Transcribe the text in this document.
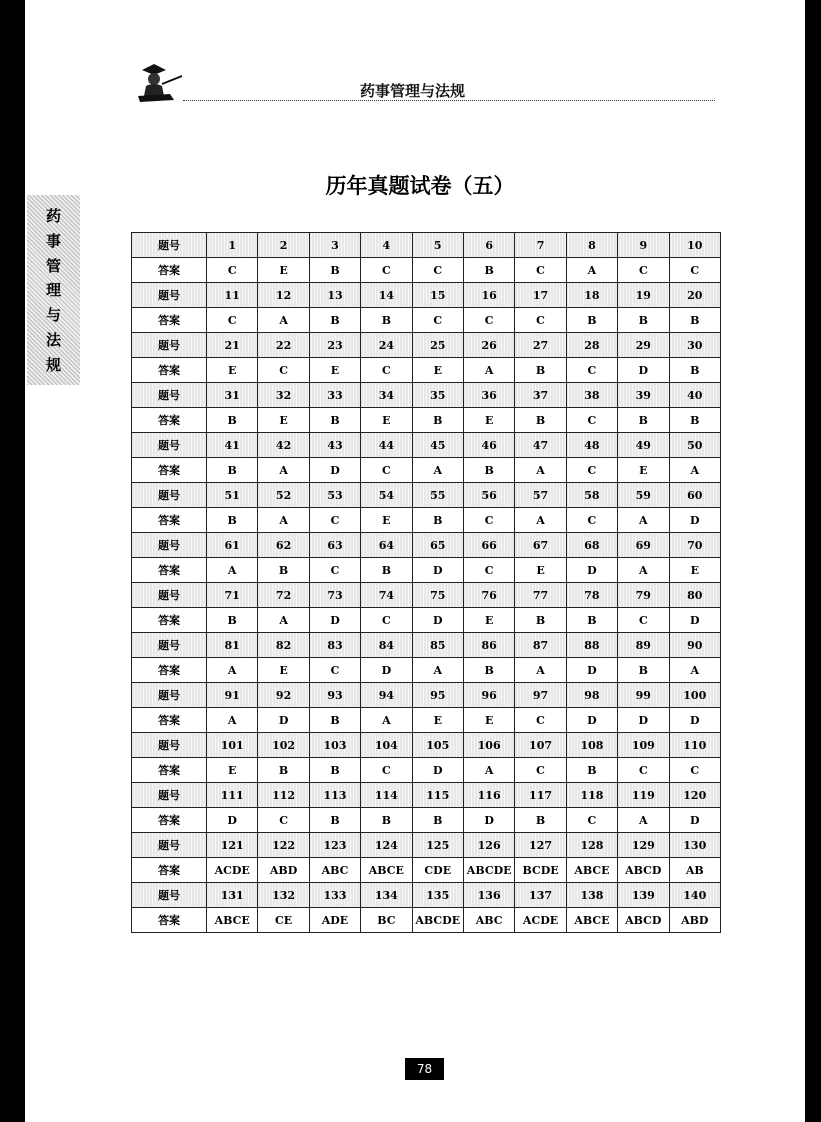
药事管理与法规
药
事
管
理
与
法
规
历年真题试卷（五）
题号	1	2	3	4	5	6	7	8	9	10
答案	C	E	B	C	C	B	C	A	C	C
题号	11	12	13	14	15	16	17	18	19	20
答案	C	A	B	B	C	C	C	B	B	B
题号	21	22	23	24	25	26	27	28	29	30
答案	E	C	E	C	E	A	B	C	D	B
题号	31	32	33	34	35	36	37	38	39	40
答案	B	E	B	E	B	E	B	C	B	B
题号	41	42	43	44	45	46	47	48	49	50
答案	B	A	D	C	A	B	A	C	E	A
题号	51	52	53	54	55	56	57	58	59	60
答案	B	A	C	E	B	C	A	C	A	D
题号	61	62	63	64	65	66	67	68	69	70
答案	A	B	C	B	D	C	E	D	A	E
题号	71	72	73	74	75	76	77	78	79	80
答案	B	A	D	C	D	E	B	B	C	D
题号	81	82	83	84	85	86	87	88	89	90
答案	A	E	C	D	A	B	A	D	B	A
题号	91	92	93	94	95	96	97	98	99	100
答案	A	D	B	A	E	E	C	D	D	D
题号	101	102	103	104	105	106	107	108	109	110
答案	E	B	B	C	D	A	C	B	C	C
题号	111	112	113	114	115	116	117	118	119	120
答案	D	C	B	B	B	D	B	C	A	D
题号	121	122	123	124	125	126	127	128	129	130
答案	ACDE	ABD	ABC	ABCE	CDE	ABCDE	BCDE	ABCE	ABCD	AB
题号	131	132	133	134	135	136	137	138	139	140
答案	ABCE	CE	ADE	BC	ABCDE	ABC	ACDE	ABCE	ABCD	ABD
78
